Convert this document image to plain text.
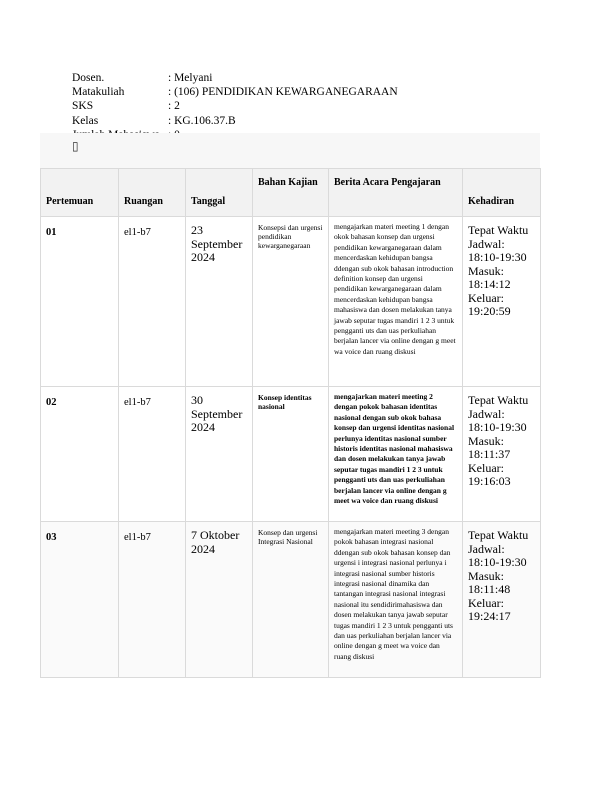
Dosen.	: Melyani
Matakuliah	: (106) PENDIDIKAN KEWARGANEGARAAN
SKS	: 2
Kelas	: KG.106.37.B
▯
Pertemuan	Ruangan	Tanggal	Bahan Kajian	Berita Acara Pengajaran	Kehadiran
01	el1-b7	23 September 2024	Konsepsi dan urgensi pendidikan kewarganegaraan	mengajarkan materi meeting 1 dengan okok bahasan konsep dan urgensi pendidikan kewarganegaraan dalam mencerdaskan kehidupan bangsa ddengan sub okok bahasan introduction definition konsep dan urgensi pendidikan kewarganegaraan dalam mencerdaskan kehidupan bangsa mahasiswa dan dosen melakukan tanya jawab seputar tugas mandiri 1 2 3 untuk pengganti uts dan uas perkuliahan berjalan lancer via online dengan g meet wa voice dan ruang diskusi	Tepat Waktu Jadwal: 18:10-19:30 Masuk: 18:14:12 Keluar: 19:20:59
02	el1-b7	30 September 2024	Konsep identitas nasional	mengajarkan materi meeting 2 dengan pokok bahasan identitas nasional dengan sub okok bahasa konsep dan urgensi identitas nasional perlunya identitas nasional sumber historis identitas nasional mahasiswa dan dosen melakukan tanya jawab seputar tugas mandiri 1 2 3 untuk pengganti uts dan uas perkuliahan berjalan lancer via online dengan g meet wa voice dan ruang diskusi	Tepat Waktu Jadwal: 18:10-19:30 Masuk: 18:11:37 Keluar: 19:16:03
03	el1-b7	7 Oktober 2024	Konsep dan urgensi Integrasi Nasional	mengajarkan materi meeting 3 dengan pokok bahasan integrasi nasional ddengan sub okok bahasan konsep dan urgensi i integrasi nasional perlunya i integrasi nasional sumber historis integrasi nasional dinamika dan tantangan integrasi nasional integrasi nasional itu sendidirimahasiswa dan dosen melakukan tanya jawab seputar tugas mandiri 1 2 3 untuk pengganti uts dan uas perkuliahan berjalan lancer via online dengan g meet wa voice dan ruang diskusi	Tepat Waktu Jadwal: 18:10-19:30 Masuk: 18:11:48 Keluar: 19:24:17
